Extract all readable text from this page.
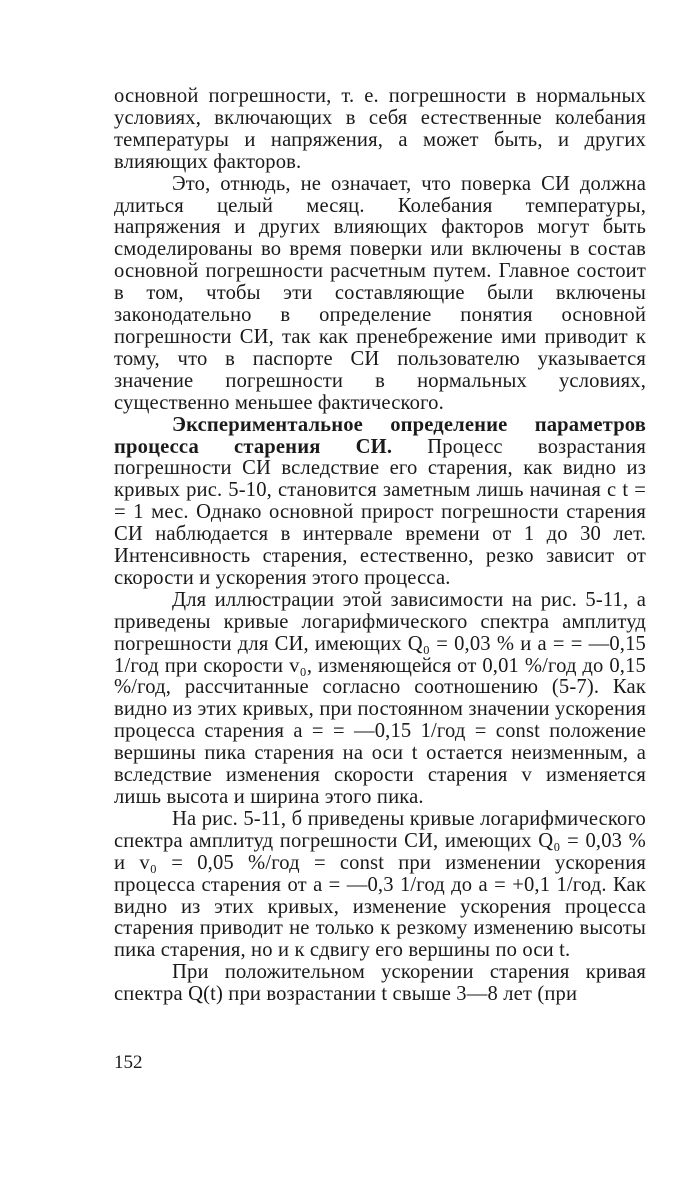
основной погрешности, т. е. погрешности в нормальных условиях, включающих в себя естественные колебания температуры и напряжения, а может быть, и других влияющих факторов.

Это, отнюдь, не означает, что поверка СИ должна длиться целый месяц. Колебания температуры, напряжения и других влияющих факторов могут быть смоделированы во время поверки или включены в состав основной погрешности расчетным путем. Главное состоит в том, чтобы эти составляющие были включены законодательно в определение понятия основной погрешности СИ, так как пренебрежение ими приводит к тому, что в паспорте СИ пользователю указывается значение погрешности в нормальных условиях, существенно меньшее фактического.

Экспериментальное определение параметров процесса старения СИ. Процесс возрастания погрешности СИ вследствие его старения, как видно из кривых рис. 5-10, становится заметным лишь начиная с t = = 1 мес. Однако основной прирост погрешности старения СИ наблюдается в интервале времени от 1 до 30 лет. Интенсивность старения, естественно, резко зависит от скорости и ускорения этого процесса.

Для иллюстрации этой зависимости на рис. 5-11, а приведены кривые логарифмического спектра амплитуд погрешности для СИ, имеющих Q₀ = 0,03 % и a = = —0,15 1/год при скорости v₀, изменяющейся от 0,01 %/год до 0,15 %/год, рассчитанные согласно соотношению (5-7). Как видно из этих кривых, при постоянном значении ускорения процесса старения a = = —0,15 1/год = const положение вершины пика старения на оси t остается неизменным, а вследствие изменения скорости старения v изменяется лишь высота и ширина этого пика.

На рис. 5-11, б приведены кривые логарифмического спектра амплитуд погрешности СИ, имеющих Q₀ = 0,03 % и v₀ = 0,05 %/год = const при изменении ускорения процесса старения от a = —0,3 1/год до a = +0,1 1/год. Как видно из этих кривых, изменение ускорения процесса старения приводит не только к резкому изменению высоты пика старения, но и к сдвигу его вершины по оси t.

При положительном ускорении старения кривая спектра Q(t) при возрастании t свыше 3—8 лет (при

152
